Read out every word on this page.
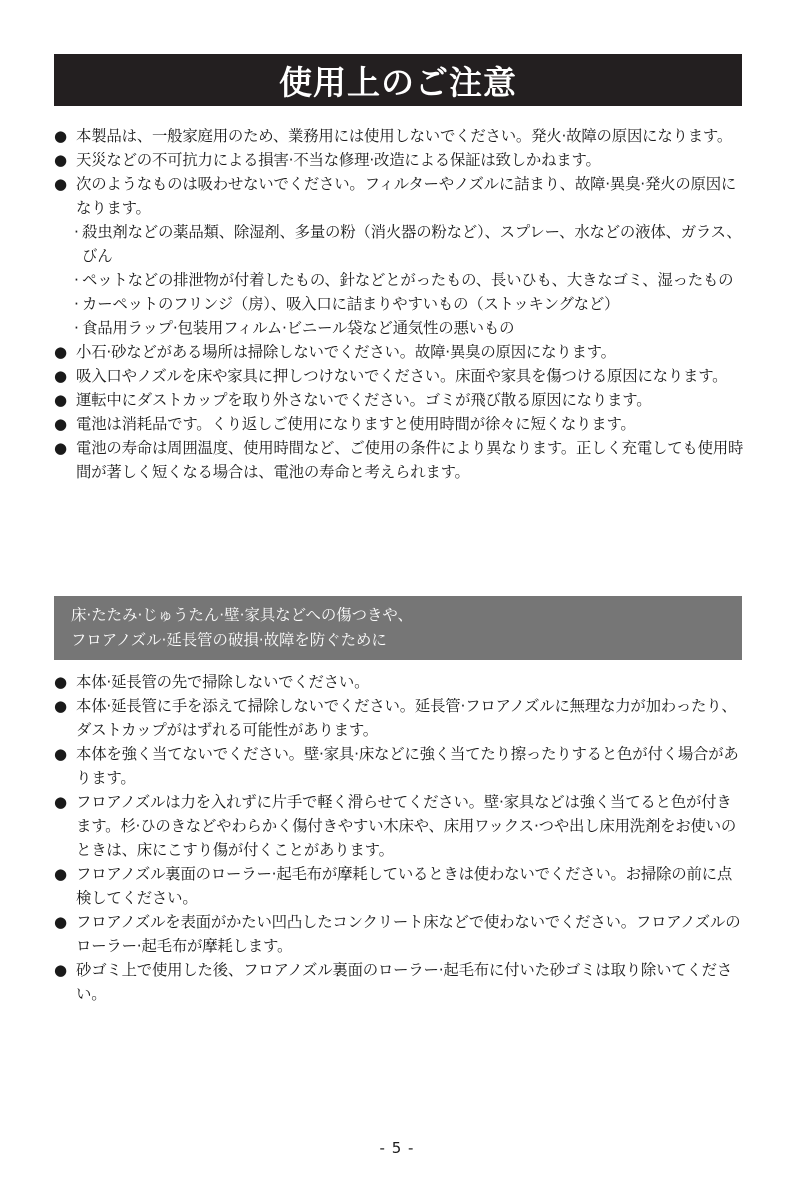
使用上のご注意
● 本製品は、一般家庭用のため、業務用には使用しないでください。発火·故障の原因になります。
● 天災などの不可抗力による損害·不当な修理·改造による保証は致しかねます。
● 次のようなものは吸わせないでください。フィルターやノズルに詰まり、故障·異臭·発火の原因になります。
· 殺虫剤などの薬品類、除湿剤、多量の粉（消火器の粉など）、スプレー、水などの液体、ガラス、びん
· ペットなどの排泄物が付着したもの、針などとがったもの、長いひも、大きなゴミ、湿ったもの
· カーペットのフリンジ（房）、吸入口に詰まりやすいもの（ストッキングなど）
· 食品用ラップ·包装用フィルム·ビニール袋など通気性の悪いもの
● 小石·砂などがある場所は掃除しないでください。故障·異臭の原因になります。
● 吸入口やノズルを床や家具に押しつけないでください。床面や家具を傷つける原因になります。
● 運転中にダストカップを取り外さないでください。ゴミが飛び散る原因になります。
● 電池は消耗品です。くり返しご使用になりますと使用時間が徐々に短くなります。
● 電池の寿命は周囲温度、使用時間など、ご使用の条件により異なります。正しく充電しても使用時間が著しく短くなる場合は、電池の寿命と考えられます。
床·たたみ·じゅうたん·壁·家具などへの傷つきや、
フロアノズル·延長管の破損·故障を防ぐために
● 本体·延長管の先で掃除しないでください。
● 本体·延長管に手を添えて掃除しないでください。延長管·フロアノズルに無理な力が加わったり、ダストカップがはずれる可能性があります。
● 本体を強く当てないでください。壁·家具·床などに強く当てたり擦ったりすると色が付く場合があります。
● フロアノズルは力を入れずに片手で軽く滑らせてください。壁·家具などは強く当てると色が付きます。杉·ひのきなどやわらかく傷付きやすい木床や、床用ワックス·つや出し床用洗剤をお使いのときは、床にこすり傷が付くことがあります。
● フロアノズル裏面のローラー·起毛布が摩耗しているときは使わないでください。お掃除の前に点検してください。
● フロアノズルを表面がかたい凹凸したコンクリート床などで使わないでください。フロアノズルのローラー·起毛布が摩耗します。
● 砂ゴミ上で使用した後、フロアノズル裏面のローラー·起毛布に付いた砂ゴミは取り除いてください。
- 5 -
